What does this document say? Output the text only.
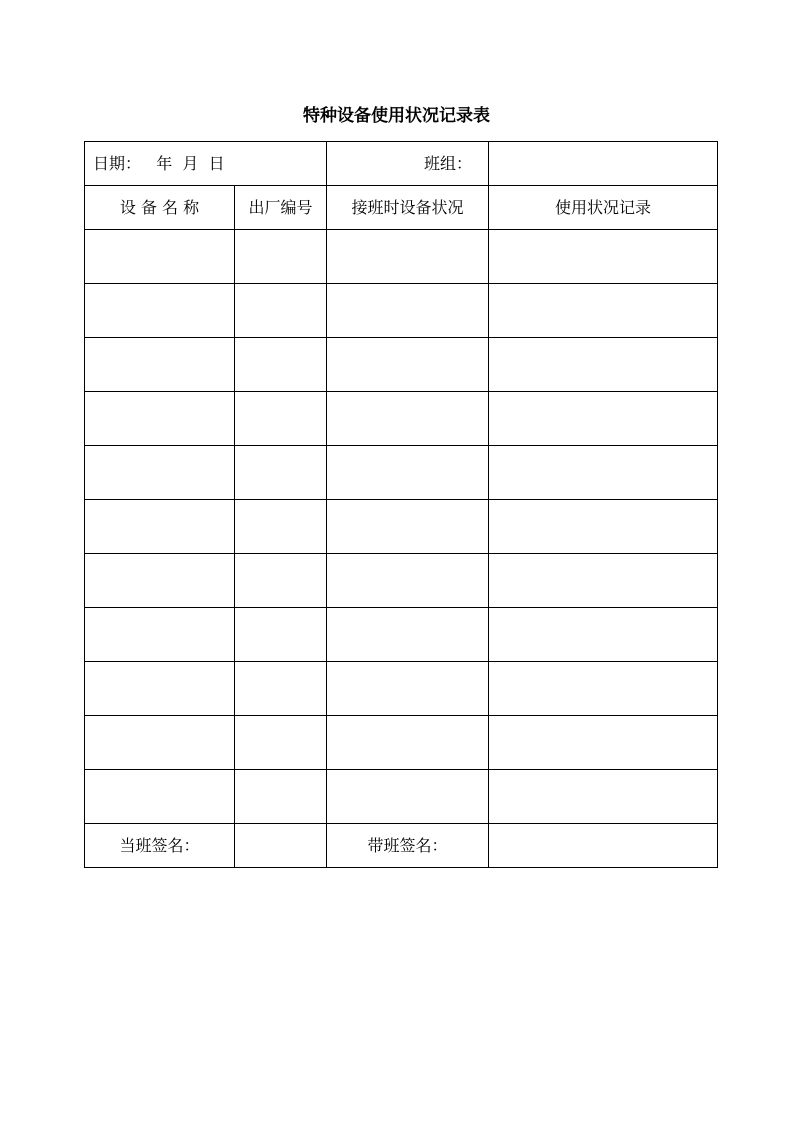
特种设备使用状况记录表
日期：   年  月  日		班组：	
设 备 名 称	出厂编号	接班时设备状况	使用状况记录

当班签名：		带班签名：	
